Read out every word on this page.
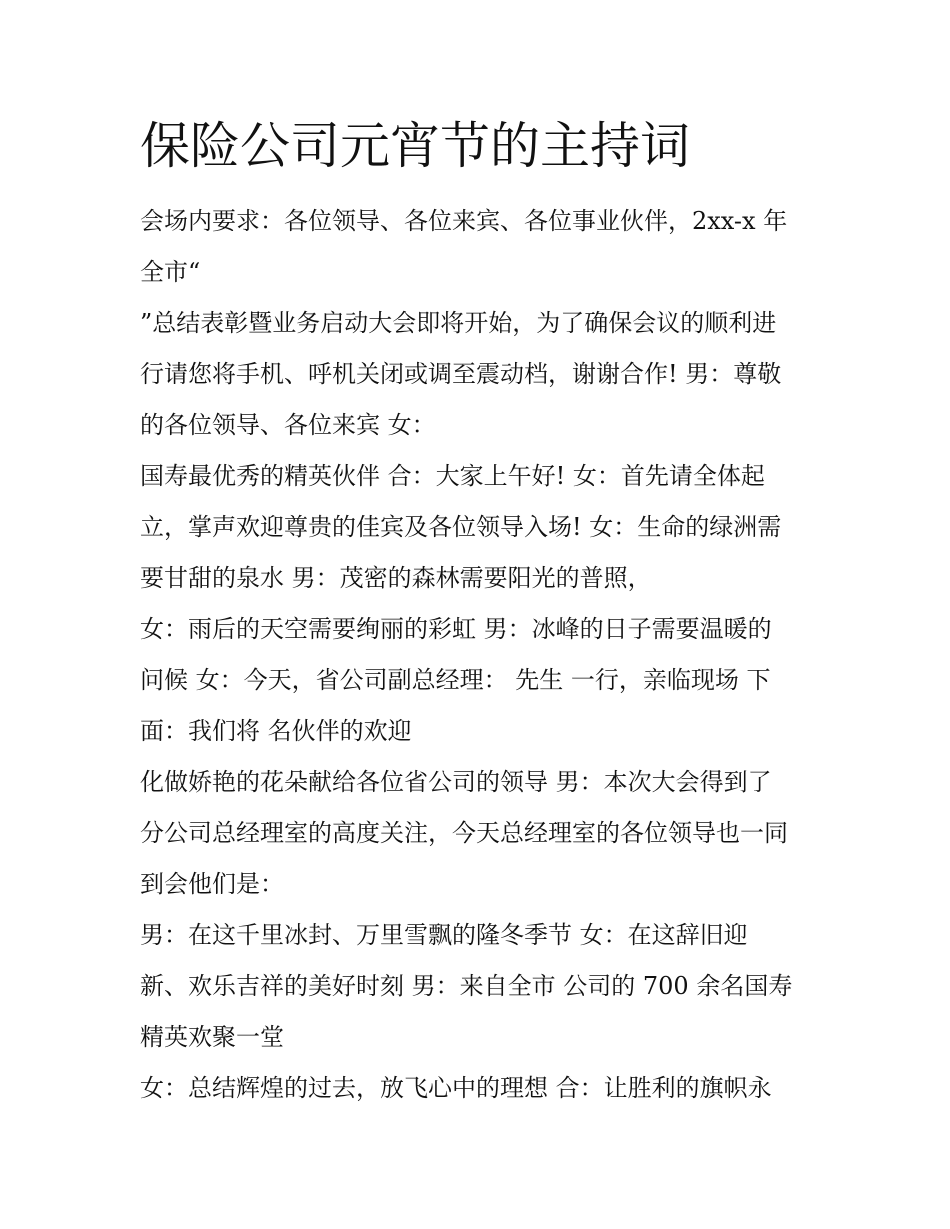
保险公司元宵节的主持词
会场内要求：各位领导、各位来宾、各位事业伙伴，2xx-x 年
全市“
”总结表彰暨业务启动大会即将开始，为了确保会议的顺利进
行请您将手机、呼机关闭或调至震动档，谢谢合作! 男：尊敬
的各位领导、各位来宾 女：
国寿最优秀的精英伙伴 合：大家上午好! 女：首先请全体起
立，掌声欢迎尊贵的佳宾及各位领导入场! 女：生命的绿洲需
要甘甜的泉水 男：茂密的森林需要阳光的普照，
女：雨后的天空需要绚丽的彩虹 男：冰峰的日子需要温暖的
问候 女：今天，省公司副总经理： 先生 一行，亲临现场 下
面：我们将 名伙伴的欢迎
化做娇艳的花朵献给各位省公司的领导 男：本次大会得到了
分公司总经理室的高度关注，今天总经理室的各位领导也一同
到会他们是：
男：在这千里冰封、万里雪飘的隆冬季节 女：在这辞旧迎
新、欢乐吉祥的美好时刻 男：来自全市 公司的 700 余名国寿
精英欢聚一堂
女：总结辉煌的过去，放飞心中的理想 合：让胜利的旗帜永
